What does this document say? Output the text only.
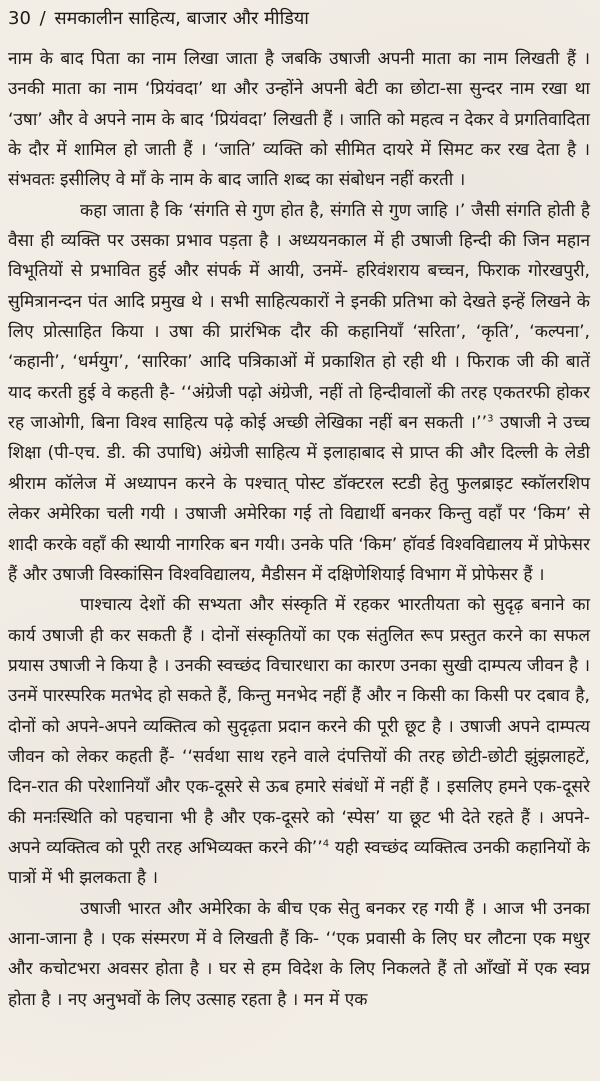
30 / समकालीन साहित्य, बाजार और मीडिया

नाम के बाद पिता का नाम लिखा जाता है जबकि उषाजी अपनी माता का नाम लिखती हैं । उनकी माता का नाम ‘प्रियंवदा’ था और उन्होंने अपनी बेटी का छोटा-सा सुन्दर नाम रखा था ‘उषा’ और वे अपने नाम के बाद ‘प्रियंवदा’ लिखती हैं । जाति को महत्व न देकर वे प्रगतिवादिता के दौर में शामिल हो जाती हैं । ‘जाति’ व्यक्ति को सीमित दायरे में सिमट कर रख देता है । संभवतः इसीलिए वे माँ के नाम के बाद जाति शब्द का संबोधन नहीं करती ।

कहा जाता है कि ‘संगति से गुण होत है, संगति से गुण जाहि ।’ जैसी संगति होती है वैसा ही व्यक्ति पर उसका प्रभाव पड़ता है । अध्ययनकाल में ही उषाजी हिन्दी की जिन महान विभूतियों से प्रभावित हुई और संपर्क में आयी, उनमें- हरिवंशराय बच्चन, फिराक गोरखपुरी, सुमित्रानन्दन पंत आदि प्रमुख थे । सभी साहित्यकारों ने इनकी प्रतिभा को देखते इन्हें लिखने के लिए प्रोत्साहित किया । उषा की प्रारंभिक दौर की कहानियाँ ‘सरिता’, ‘कृति’, ‘कल्पना’, ‘कहानी’, ‘धर्मयुग’, ‘सारिका’ आदि पत्रिकाओं में प्रकाशित हो रही थी । फिराक जी की बातें याद करती हुई वे कहती है- ‘‘अंग्रेजी पढ़ो अंग्रेजी, नहीं तो हिन्दीवालों की तरह एकतरफी होकर रह जाओगी, बिना विश्व साहित्य पढ़े कोई अच्छी लेखिका नहीं बन सकती ।’’$^3$ उषाजी ने उच्च शिक्षा (पी-एच. डी. की उपाधि) अंग्रेजी साहित्य में इलाहाबाद से प्राप्त की और दिल्ली के लेडी श्रीराम कॉलेज में अध्यापन करने के पश्चात् पोस्ट डॉक्टरल स्टडी हेतु फुलब्राइट स्कॉलरशिप लेकर अमेरिका चली गयी । उषाजी अमेरिका गई तो विद्यार्थी बनकर किन्तु वहाँ पर ‘किम’ से शादी करके वहाँ की स्थायी नागरिक बन गयी। उनके पति ‘किम’ हॉवर्ड विश्वविद्यालय में प्रोफेसर हैं और उषाजी विस्कांसिन विश्वविद्यालय, मैडीसन में दक्षिणेशियाई विभाग में प्रोफेसर हैं ।

पाश्चात्य देशों की सभ्यता और संस्कृति में रहकर भारतीयता को सुदृढ़ बनाने का कार्य उषाजी ही कर सकती हैं । दोनों संस्कृतियों का एक संतुलित रूप प्रस्तुत करने का सफल प्रयास उषाजी ने किया है । उनकी स्वच्छंद विचारधारा का कारण उनका सुखी दाम्पत्य जीवन है । उनमें पारस्परिक मतभेद हो सकते हैं, किन्तु मनभेद नहीं हैं और न किसी का किसी पर दबाव है, दोनों को अपने-अपने व्यक्तित्व को सुदृढ़ता प्रदान करने की पूरी छूट है । उषाजी अपने दाम्पत्य जीवन को लेकर कहती हैं- ‘‘सर्वथा साथ रहने वाले दंपत्तियों की तरह छोटी-छोटी झुंझलाहटें, दिन-रात की परेशानियाँ और एक-दूसरे से ऊब हमारे संबंधों में नहीं हैं । इसलिए हमने एक-दूसरे की मनःस्थिति को पहचाना भी है और एक-दूसरे को ‘स्पेस’ या छूट भी देते रहते हैं । अपने-अपने व्यक्तित्व को पूरी तरह अभिव्यक्त करने की’’$^4$ यही स्वच्छंद व्यक्तित्व उनकी कहानियों के पात्रों में भी झलकता है ।

उषाजी भारत और अमेरिका के बीच एक सेतु बनकर रह गयी हैं । आज भी उनका आना-जाना है । एक संस्मरण में वे लिखती हैं कि- ‘‘एक प्रवासी के लिए घर लौटना एक मधुर और कचोटभरा अवसर होता है । घर से हम विदेश के लिए निकलते हैं तो आँखों में एक स्वप्न होता है । नए अनुभवों के लिए उत्साह रहता है । मन में एक
